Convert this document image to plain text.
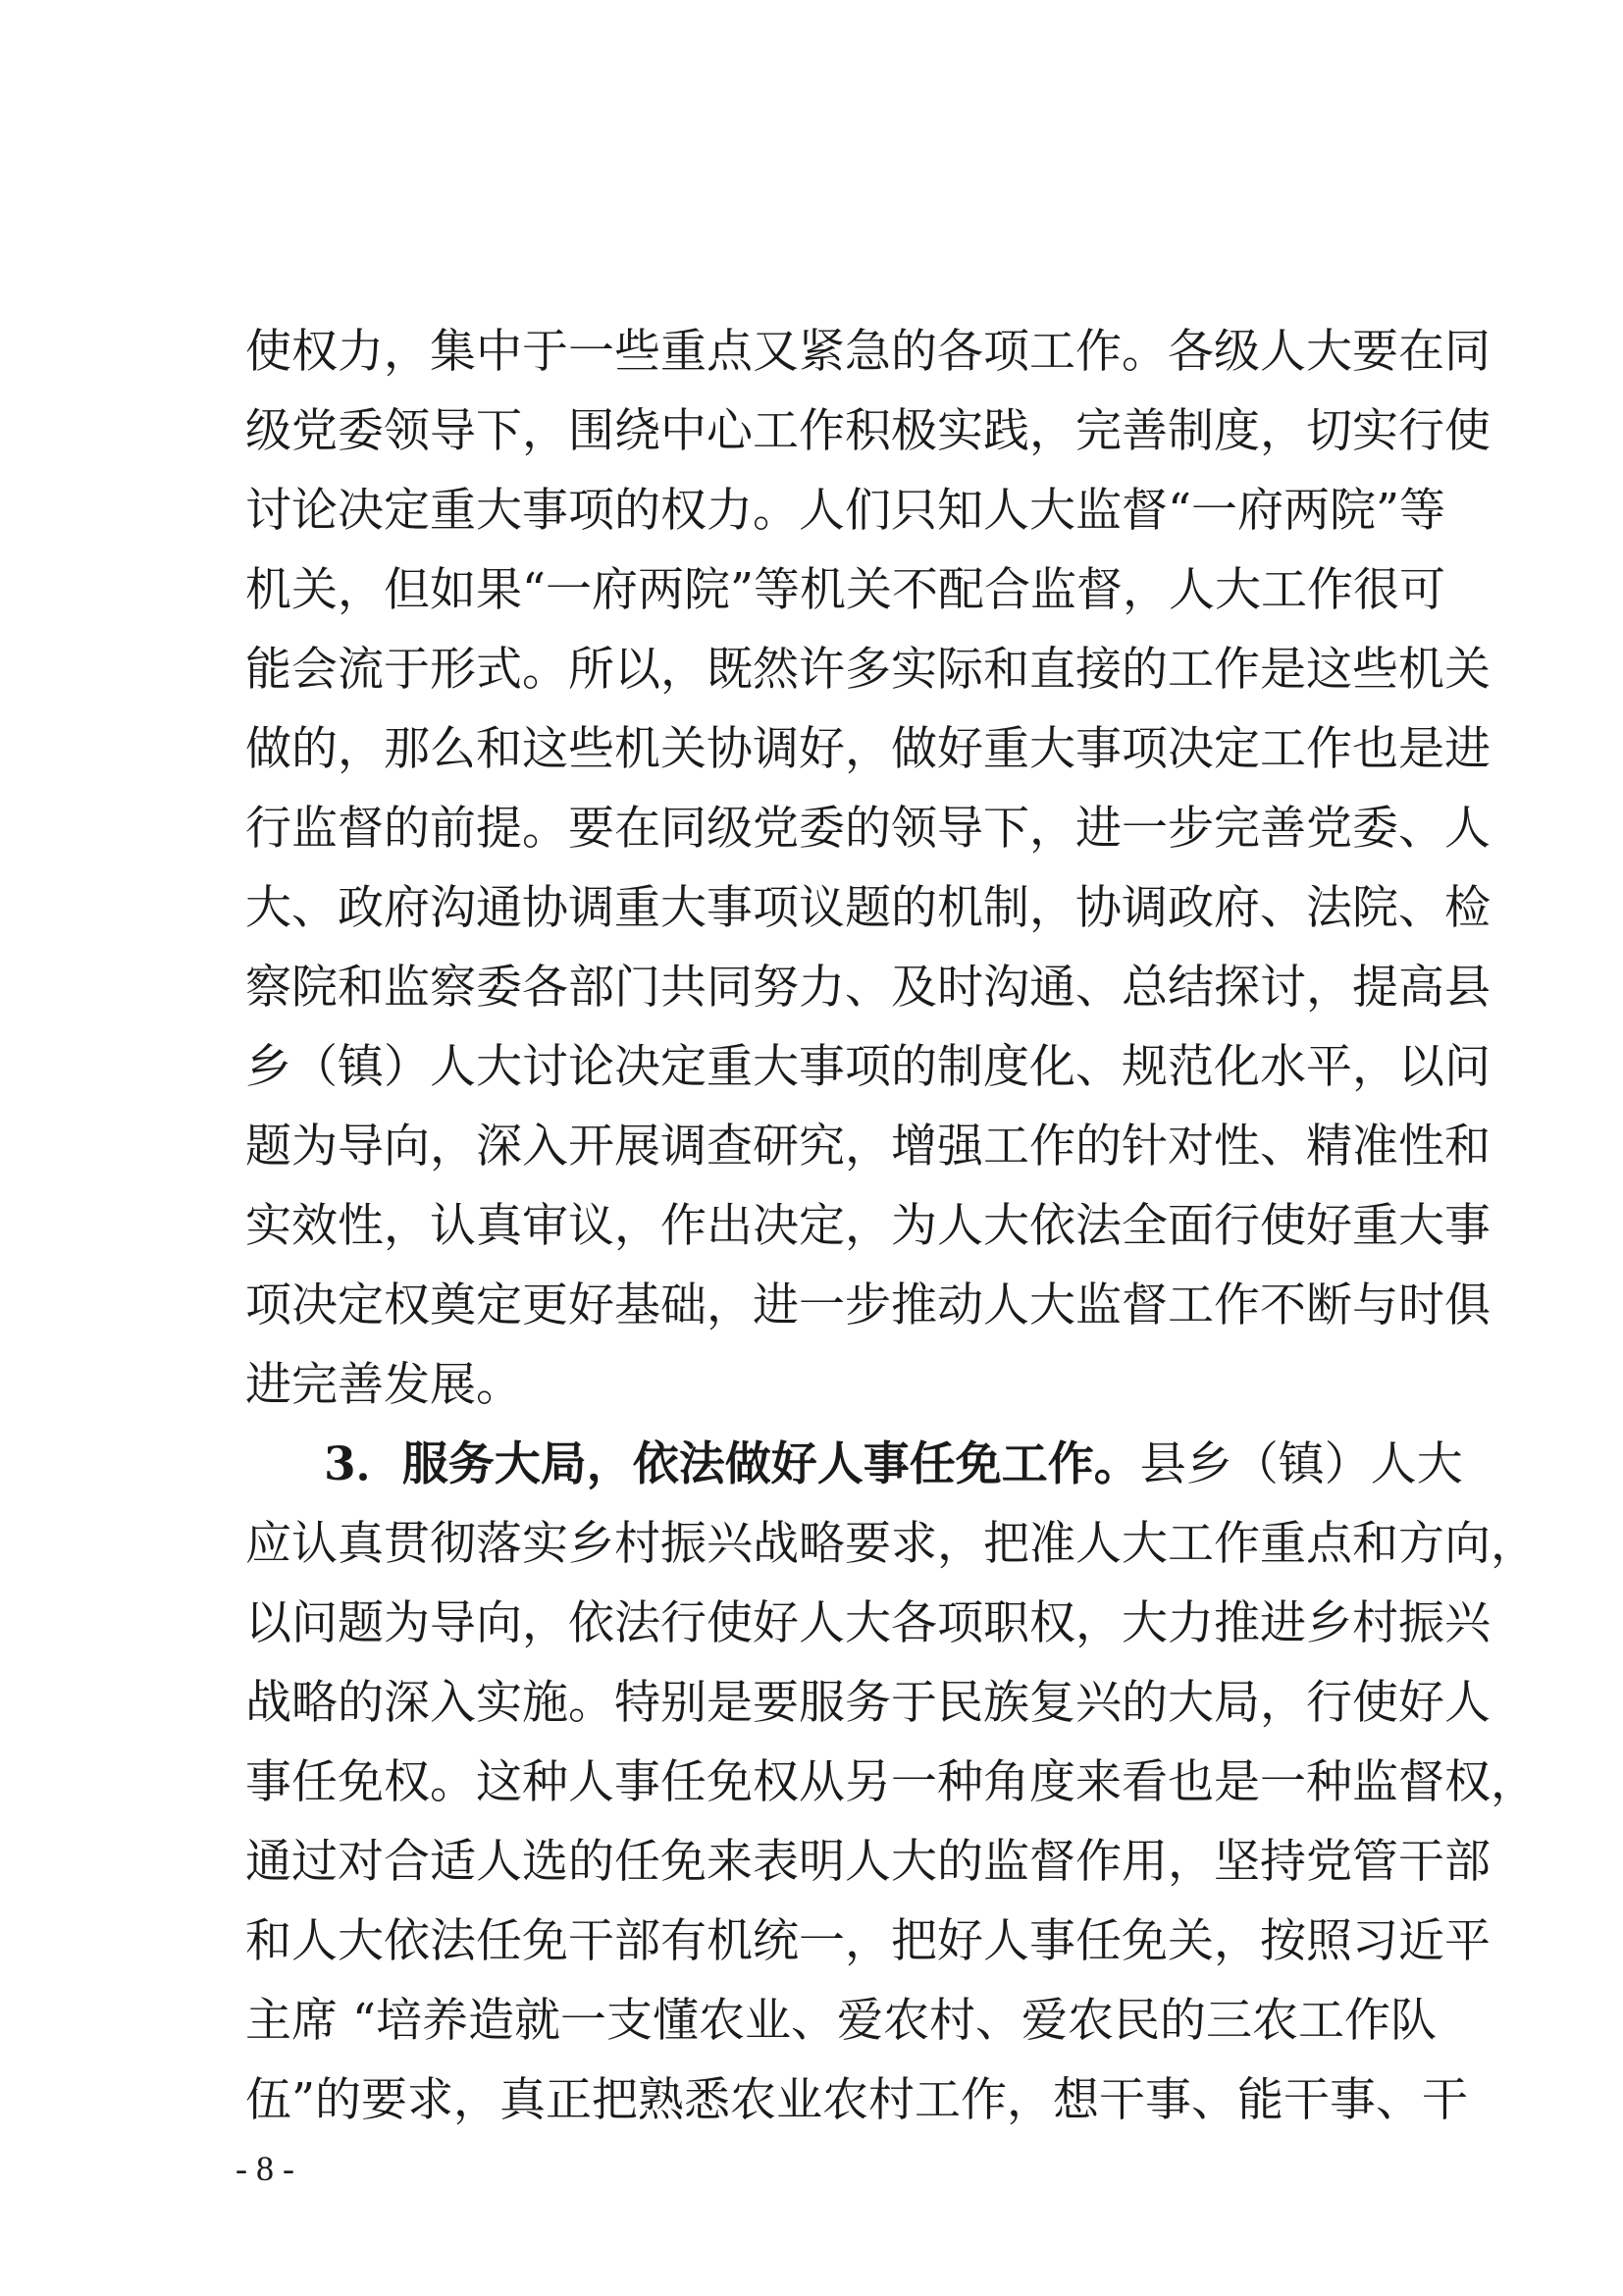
使权力，集中于一些重点又紧急的各项工作。各级人大要在同
级党委领导下，围绕中心工作积极实践，完善制度，切实行使
讨论决定重大事项的权力。人们只知人大监督“一府两院”等
机关，但如果“一府两院”等机关不配合监督，人大工作很可
能会流于形式。所以，既然许多实际和直接的工作是这些机关
做的，那么和这些机关协调好，做好重大事项决定工作也是进
行监督的前提。要在同级党委的领导下，进一步完善党委、人
大、政府沟通协调重大事项议题的机制，协调政府、法院、检
察院和监察委各部门共同努力、及时沟通、总结探讨，提高县
乡（镇）人大讨论决定重大事项的制度化、规范化水平，以问
题为导向，深入开展调查研究，增强工作的针对性、精准性和
实效性，认真审议，作出决定，为人大依法全面行使好重大事
项决定权奠定更好基础，进一步推动人大监督工作不断与时俱
进完善发展。
3．服务大局，依法做好人事任免工作。县乡（镇）人大
应认真贯彻落实乡村振兴战略要求，把准人大工作重点和方向，
以问题为导向，依法行使好人大各项职权，大力推进乡村振兴
战略的深入实施。特别是要服务于民族复兴的大局，行使好人
事任免权。这种人事任免权从另一种角度来看也是一种监督权，
通过对合适人选的任免来表明人大的监督作用，坚持党管干部
和人大依法任免干部有机统一，把好人事任免关，按照习近平
主席 “培养造就一支懂农业、爱农村、爱农民的三农工作队
伍”的要求，真正把熟悉农业农村工作，想干事、能干事、干
- 8 -
